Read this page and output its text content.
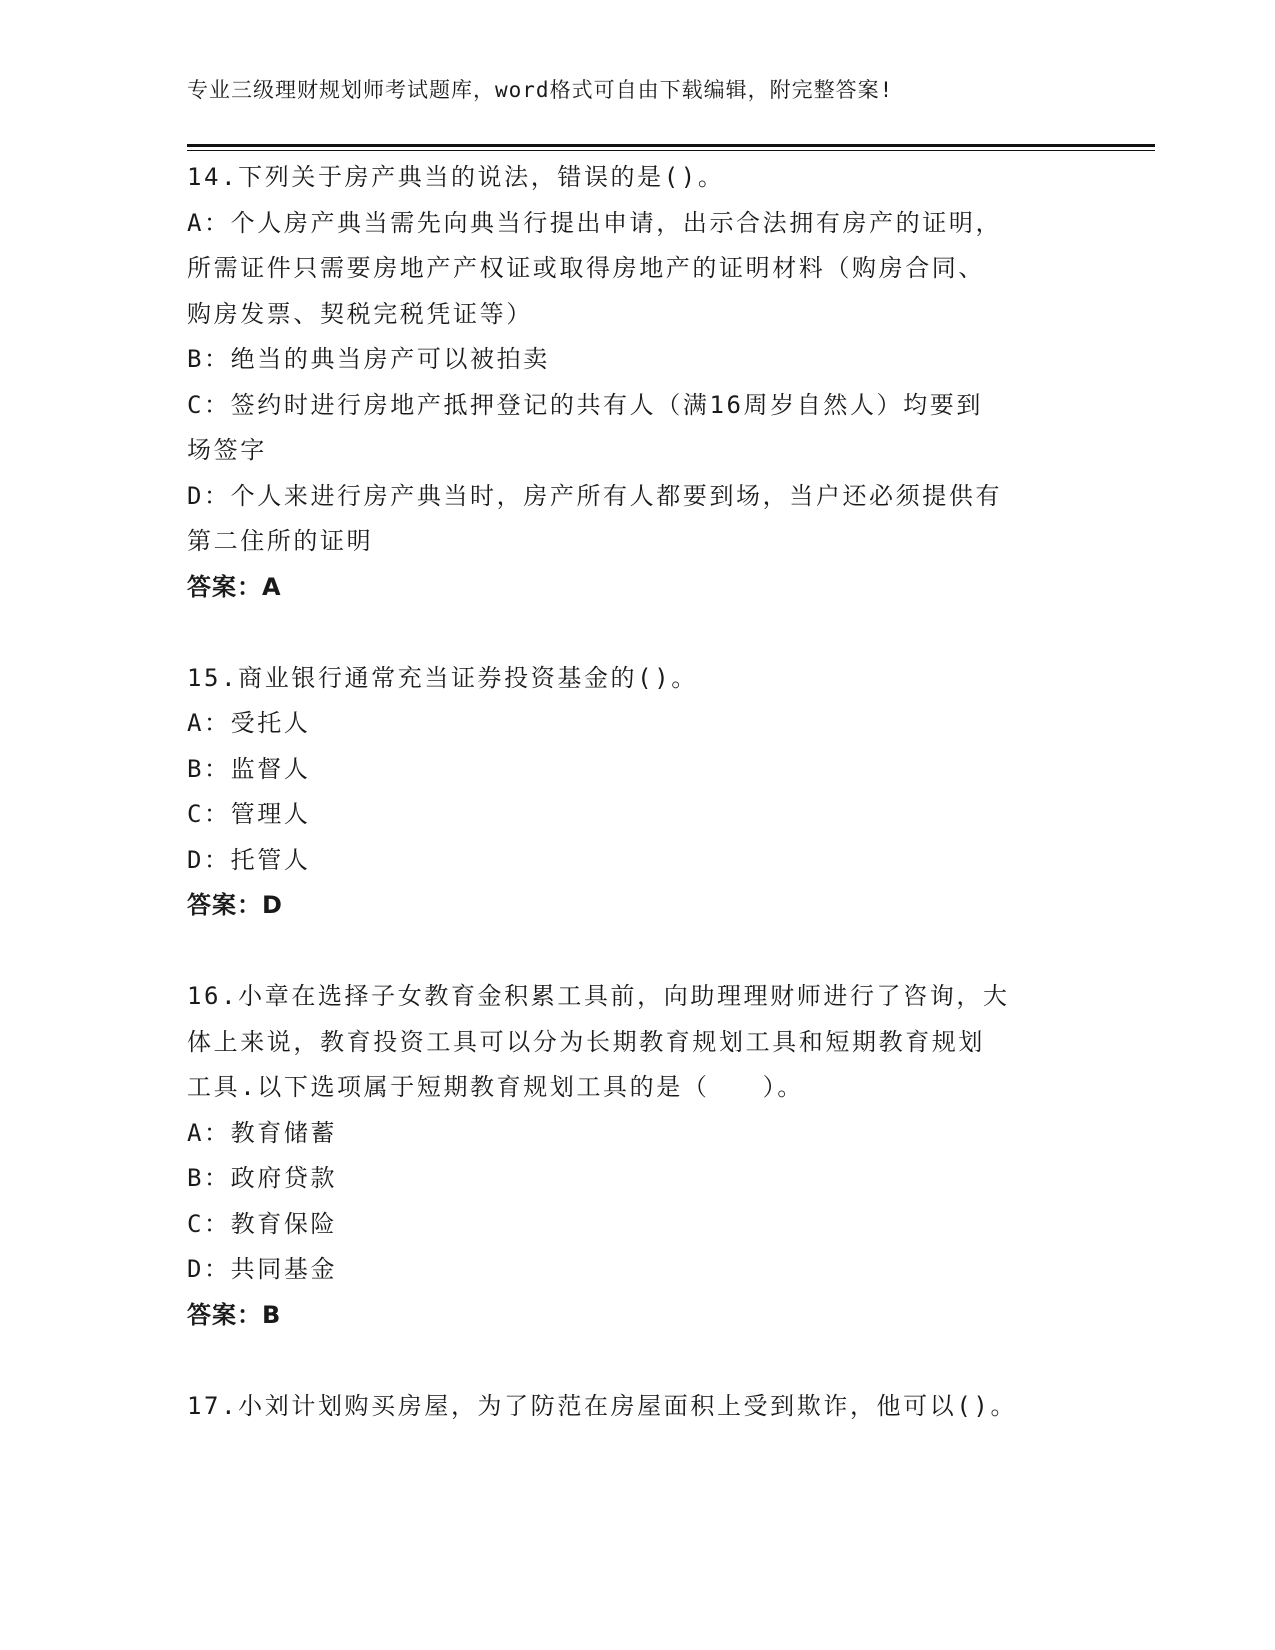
专业三级理财规划师考试题库，word格式可自由下载编辑，附完整答案!
14.下列关于房产典当的说法，错误的是()。
A：个人房产典当需先向典当行提出申请，出示合法拥有房产的证明，
所需证件只需要房地产产权证或取得房地产的证明材料（购房合同、
购房发票、契税完税凭证等）
B：绝当的典当房产可以被拍卖
C：签约时进行房地产抵押登记的共有人（满16周岁自然人）均要到
场签字
D：个人来进行房产典当时，房产所有人都要到场，当户还必须提供有
第二住所的证明
答案：A
15.商业银行通常充当证券投资基金的()。
A：受托人
B：监督人
C：管理人
D：托管人
答案：D
16.小章在选择子女教育金积累工具前，向助理理财师进行了咨询，大
体上来说，教育投资工具可以分为长期教育规划工具和短期教育规划
工具.以下选项属于短期教育规划工具的是（　　）。
A：教育储蓄
B：政府贷款
C：教育保险
D：共同基金
答案：B
17.小刘计划购买房屋，为了防范在房屋面积上受到欺诈，他可以()。
